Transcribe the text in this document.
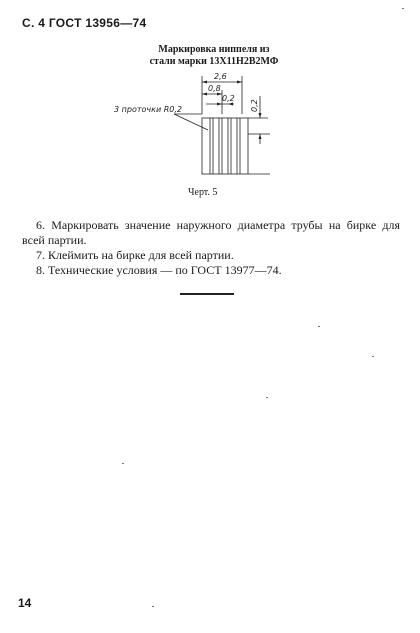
С. 4 ГОСТ 13956—74
Маркировка ниппеля из
стали марки 13Х11Н2В2МФ
2,6
0,8
0,2
3 проточки R0,2	0,2
Черт. 5

6. Маркировать значение наружного диаметра трубы на бирке для всей партии.

7. Клеймить на бирке для всей партии.

8. Технические условия — по ГОСТ 13977—74.

14
